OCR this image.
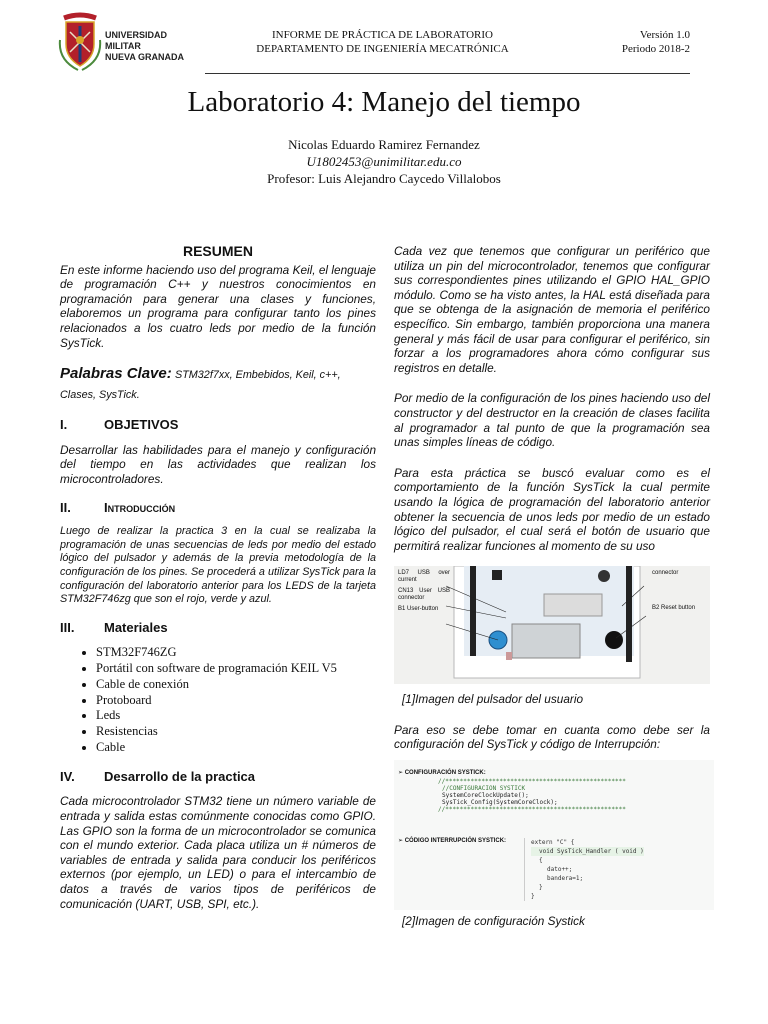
UNIVERSIDAD MILITAR
NUEVA GRANADA
INFORME DE PRÁCTICA DE LABORATORIO
DEPARTAMENTO DE INGENIERÍA MECATRÓNICA
Versión 1.0
Periodo 2018-2
Laboratorio 4: Manejo del tiempo
Nicolas Eduardo Ramirez Fernandez
U1802453@unimilitar.edu.co
Profesor: Luis Alejandro Caycedo Villalobos
RESUMEN

En este informe haciendo uso del programa Keil, el lenguaje de programación C++ y nuestros conocimientos en programación para generar una clases y funciones, elaboremos un programa para configurar tanto los pines relacionados a los cuatro leds por medio de la función SysTick.

Palabras Clave: STM32f7xx, Embebidos, Keil, c++, Clases, SysTick.
I.	OBJETIVOS

Desarrollar las habilidades para el manejo y configuración del tiempo en las actividades que realizan los microcontroladores.

II.	Introducción

Luego de realizar la practica 3 en la cual se realizaba la programación de unas secuencias de leds por medio del estado lógico del pulsador y además de la previa metodología de la configuración de los pines. Se procederá a utilizar SysTick para la configuración del laboratorio anterior para los LEDS de la tarjeta STM32F746zg que son el rojo, verde y azul.

III.	Materiales
• STM32F746ZG
• Portátil con software de programación KEIL V5
• Cable de conexión
• Protoboard
• Leds
• Resistencias
• Cable
IV.	Desarrollo de la practica

Cada microcontrolador STM32 tiene un número variable de entrada y salida estas comúnmente conocidas como GPIO. Las GPIO son la forma de un microcontrolador se comunica con el mundo exterior. Cada placa utiliza un # números de variables de entrada y salida para conducir los periféricos externos (por ejemplo, un LED) o para el intercambio de datos a través de varios tipos de periféricos de comunicación (UART, USB, SPI, etc.).

Cada vez que tenemos que configurar un periférico que utiliza un pin del microcontrolador, tenemos que configurar sus correspondientes pines utilizando el GPIO HAL_GPIO módulo. Como se ha visto antes, la HAL está diseñada para que se obtenga de la asignación de memoria el periférico específico. Sin embargo, también proporciona una manera general y más fácil de usar para configurar el periférico, sin forzar a los programadores ahora cómo configurar sus registros en detalle.

Por medio de la configuración de los pines haciendo uso del constructor y del destructor en la creación de clases facilita al programador a tal punto de que la programación sea unas simples líneas de código.

Para esta práctica se buscó evaluar como es el comportamiento de la función SysTick la cual permite usando la lógica de programación del laboratorio anterior obtener la secuencia de unos leds por medio de un estado lógico del pulsador, el cual será el botón de usuario que permitirá realizar funciones al momento de su uso

LD7 USB over current
CN13 User USB connector
B1 User-button
connector
B2 Reset button
[1]Imagen del pulsador del usuario

Para eso se debe tomar en cuanta como debe ser la configuración del SysTick y código de Interrupción:

➢ CONFIGURACIÓN SYSTICK:
//**************************************************
//CONFIGURACION SYSTICK
SystemCoreClockUpdate();
SysTick_Config(SystemCoreClock);
//**************************************************
➢ CÓDIGO INTERRUPCIÓN SYSTICK:	extern "C" {
void SysTick_Handler ( void )
{
dato++;
bandera=1;
}
}
[2]Imagen de configuración Systick
